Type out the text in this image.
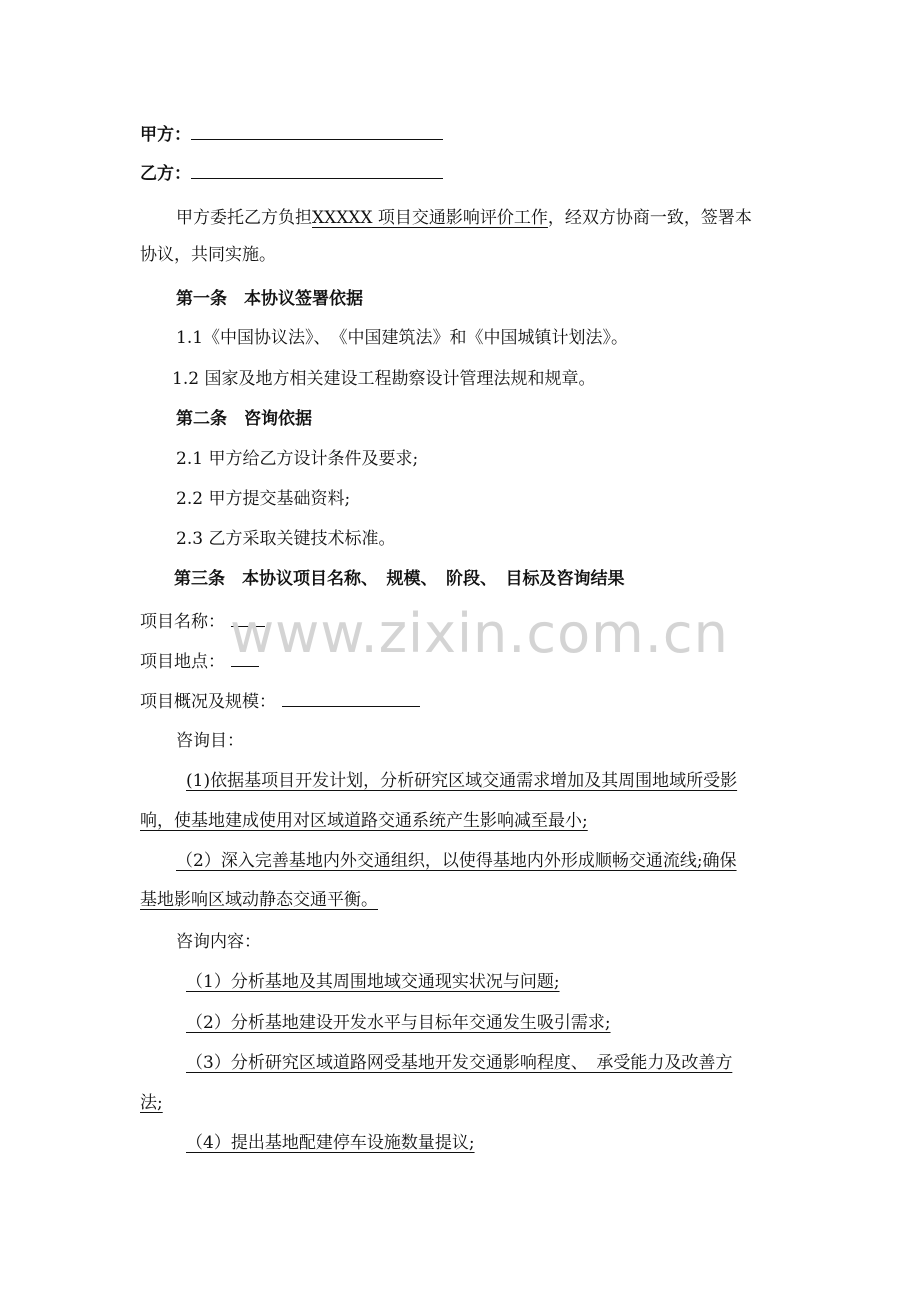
甲方：
乙方：
甲方委托乙方负担XXXXX 项目交通影响评价工作，经双方协商一致，签署本
协议，共同实施。
第一条　本协议签署依据
1.1《中国协议法》、　《中国建筑法》和《中国城镇计划法》。
1.2 国家及地方相关建设工程勘察设计管理法规和规章。
第二条　咨询依据
2.1 甲方给乙方设计条件及要求;
2.2 甲方提交基础资料;
2.3 乙方采取关键技术标准。
第三条　本协议项目名称、　规模、　阶段、　目标及咨询结果
项目名称：
项目地点：
项目概况及规模：
咨询目：
(1)依据基项目开发计划，分析研究区域交通需求增加及其周围地域所受影
响，使基地建成使用对区域道路交通系统产生影响减至最小;
（2）深入完善基地内外交通组织，以使得基地内外形成顺畅交通流线;确保
基地影响区域动静态交通平衡。
咨询内容：
（1）分析基地及其周围地域交通现实状况与问题;
（2）分析基地建设开发水平与目标年交通发生吸引需求;
（3）分析研究区域道路网受基地开发交通影响程度、　承受能力及改善方
法;
（4）提出基地配建停车设施数量提议;
www.zixin.com.cn
